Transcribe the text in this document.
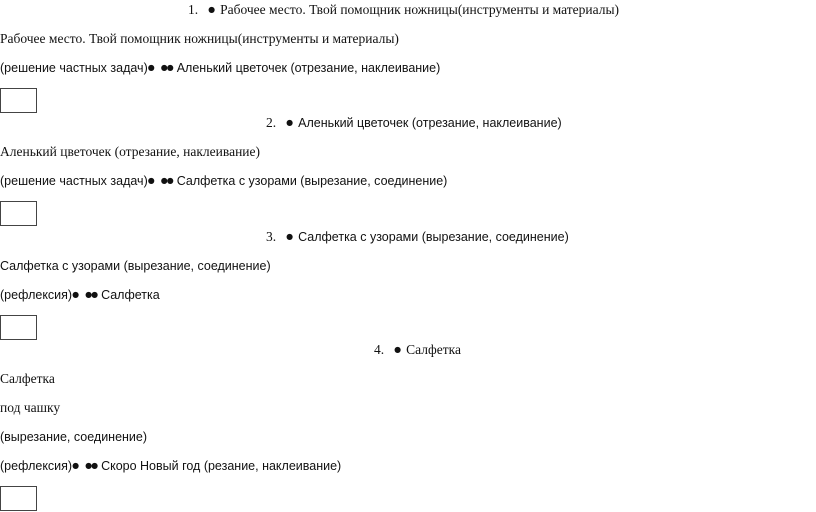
1. ● Рабочее место. Твой помощник ножницы(инструменты и материалы)
Рабочее место. Твой помощник ножницы(инструменты и материалы)
(решение частных задач)● ●● Аленький цветочек (отрезание, наклеивание)
2. ● Аленький цветочек (отрезание, наклеивание)
Аленький цветочек (отрезание, наклеивание)
(решение частных задач)● ●● Салфетка с узорами (вырезание, соединение)
3. ● Салфетка с узорами (вырезание, соединение)
Салфетка с узорами (вырезание, соединение)
(рефлексия)● ●● Салфетка
4. ● Салфетка
Салфетка
под чашку
(вырезание, соединение)
(рефлексия)● ●● Скоро Новый год (резание, наклеивание)
